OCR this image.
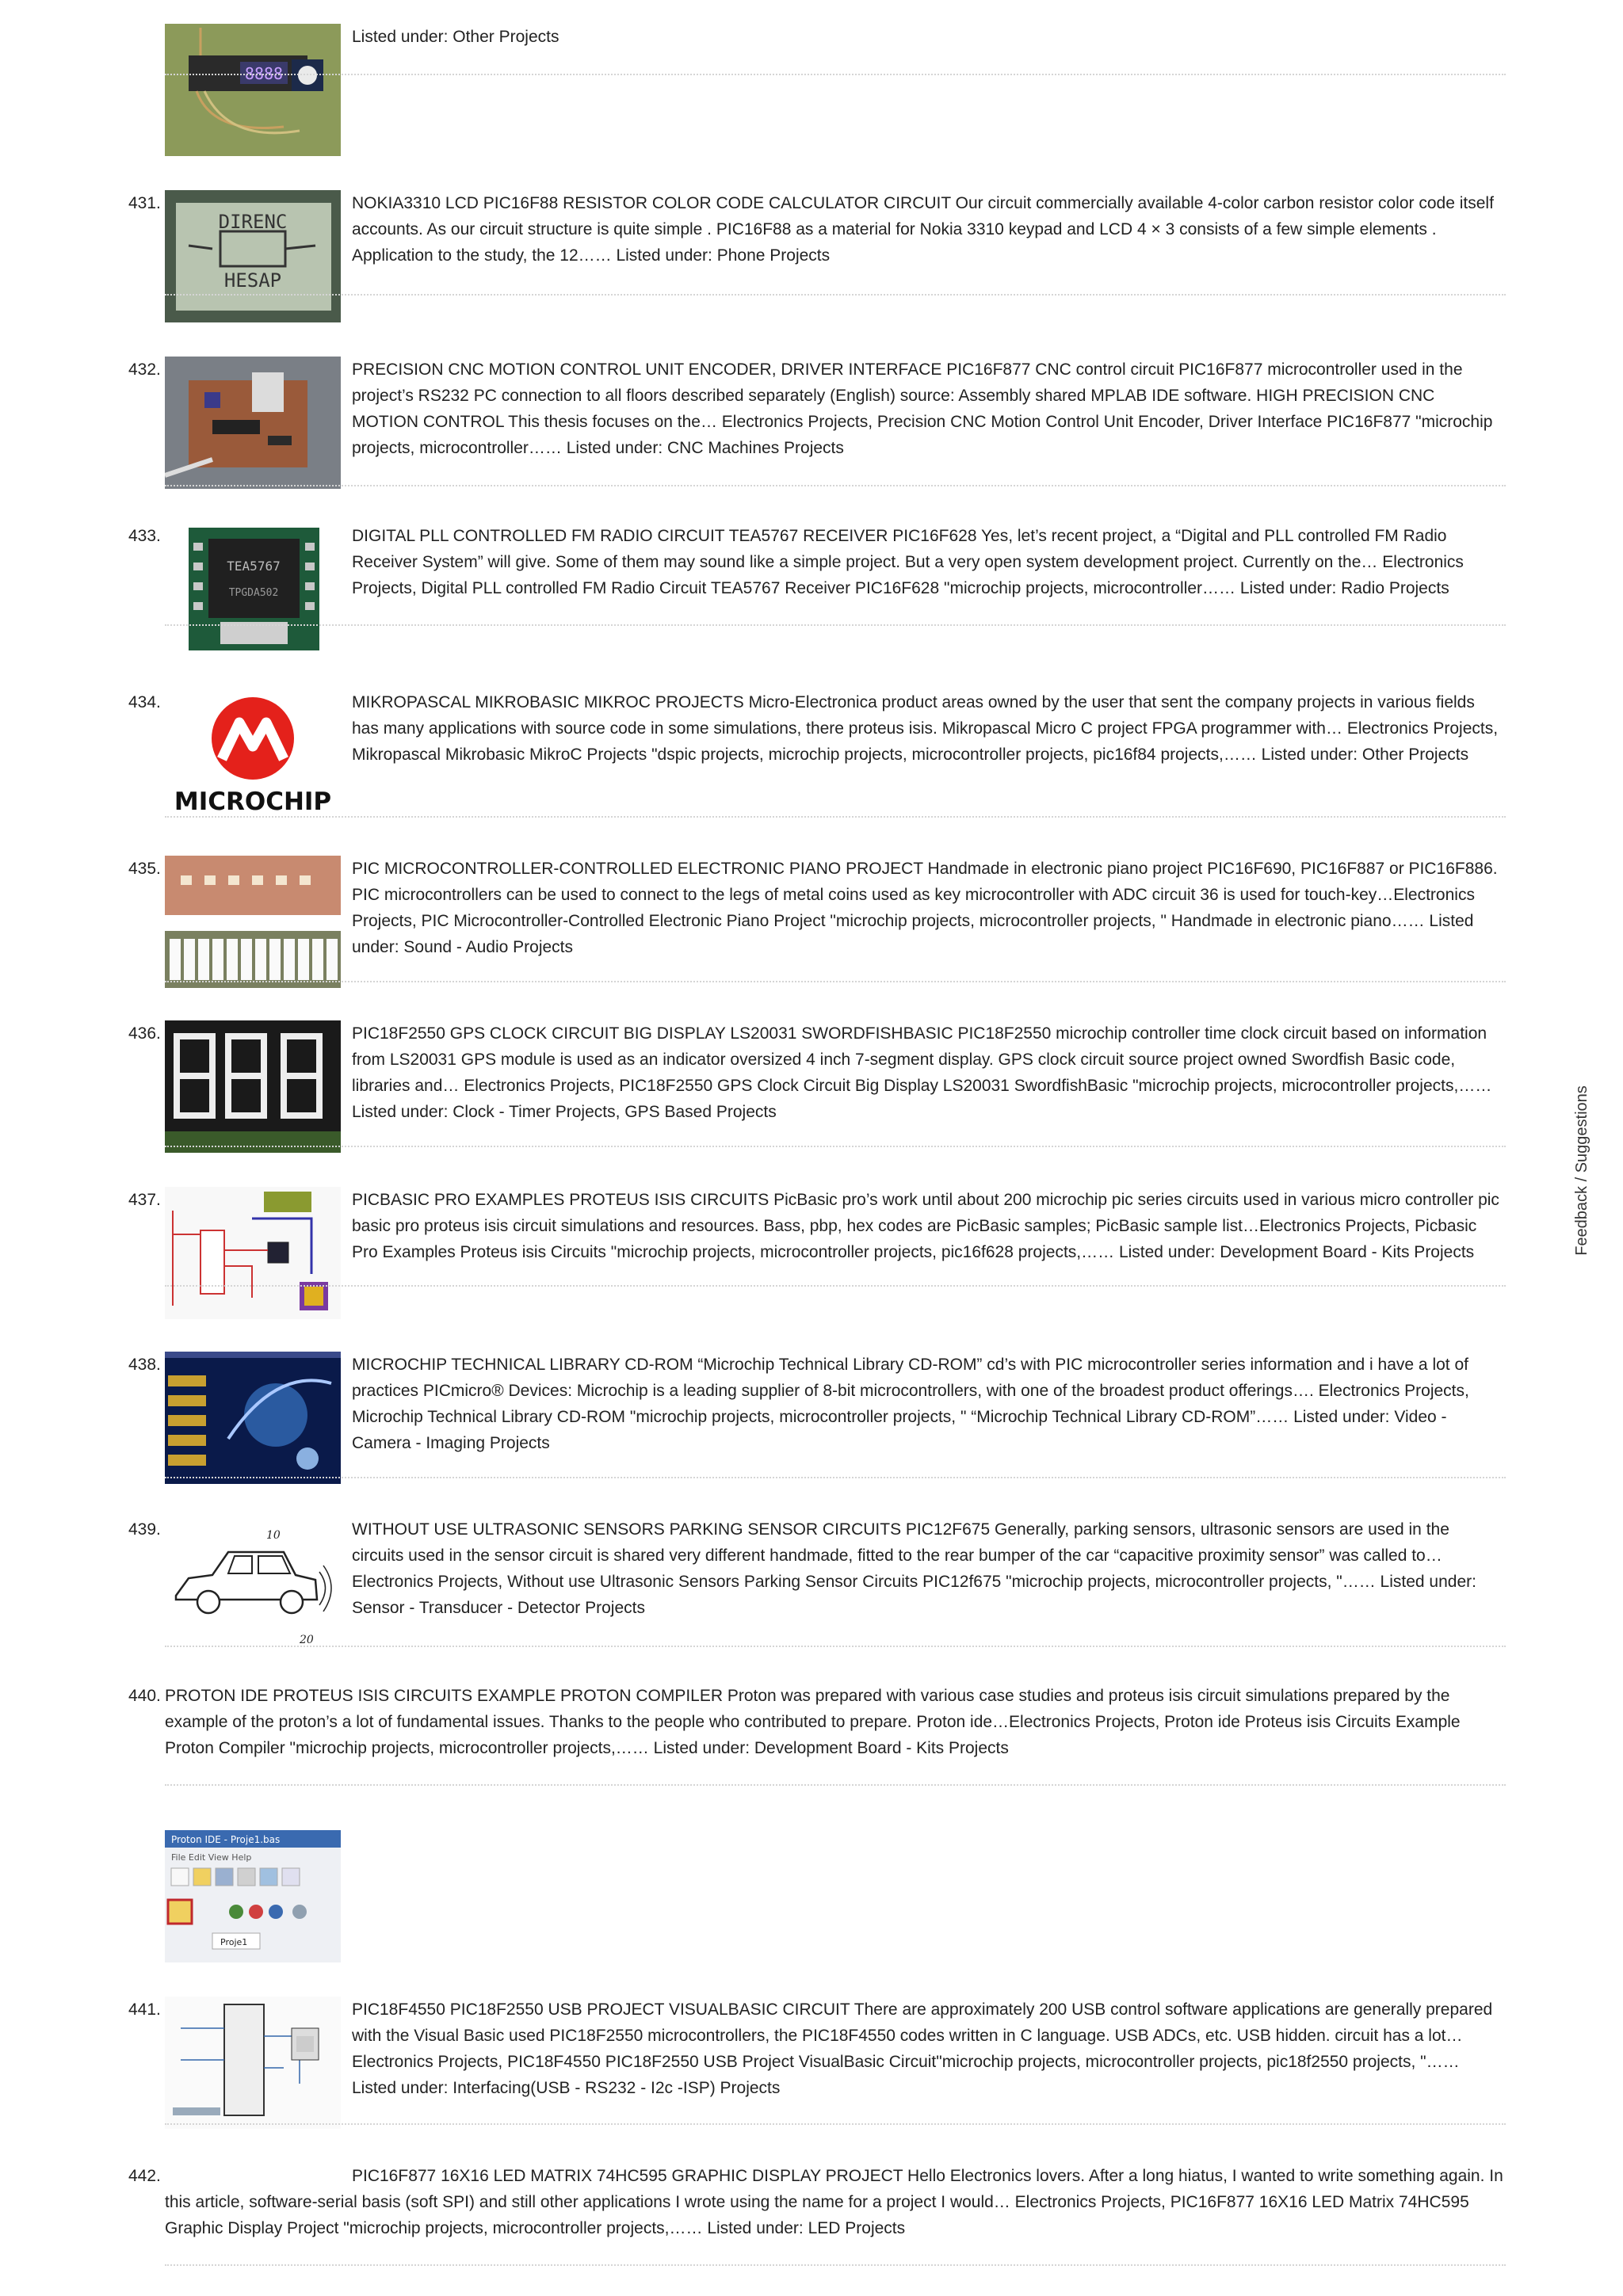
8888
Listed under: Other Projects
431.
DIRENC
HESAP
NOKIA3310 LCD PIC16F88 RESISTOR COLOR CODE CALCULATOR CIRCUIT Our circuit commercially available 4-color carbon resistor color code itself accounts. As our circuit structure is quite simple . PIC16F88 as a material for Nokia 3310 keypad and LCD 4 × 3 consists of a few simple elements . Application to the study, the 12…… Listed under: Phone Projects
432.	PRECISION CNC MOTION CONTROL UNIT ENCODER, DRIVER INTERFACE PIC16F877 CNC control circuit PIC16F877 microcontroller used in the project’s RS232 PC connection to all floors described separately (English) source: Assembly shared MPLAB IDE software. HIGH PRECISION CNC MOTION CONTROL This thesis focuses on the… Electronics Projects, Precision CNC Motion Control Unit Encoder, Driver Interface PIC16F877 "microchip projects, microcontroller…… Listed under: CNC Machines Projects
433.
TEA5767
TPGDA502
DIGITAL PLL CONTROLLED FM RADIO CIRCUIT TEA5767 RECEIVER PIC16F628 Yes, let’s recent project, a “Digital and PLL controlled FM Radio Receiver System” will give. Some of them may sound like a simple project. But a very open system development project. Currently on the… Electronics Projects, Digital PLL controlled FM Radio Circuit TEA5767 Receiver PIC16F628 "microchip projects, microcontroller…… Listed under: Radio Projects
434.
MICROCHIP
MIKROPASCAL MIKROBASIC MIKROC PROJECTS Micro-Electronica product areas owned by the user that sent the company projects in various fields has many applications with source code in some simulations, there proteus isis. Mikropascal Micro C project FPGA programmer with… Electronics Projects, Mikropascal Mikrobasic MikroC Projects "dspic projects, microchip projects, microcontroller projects, pic16f84 projects,…… Listed under: Other Projects
435.	PIC MICROCONTROLLER-CONTROLLED ELECTRONIC PIANO PROJECT Handmade in electronic piano project PIC16F690, PIC16F887 or PIC16F886. PIC microcontrollers can be used to connect to the legs of metal coins used as key microcontroller with ADC circuit 36 is used for touch-key…Electronics Projects, PIC Microcontroller-Controlled Electronic Piano Project "microchip projects, microcontroller projects, " Handmade in electronic piano…… Listed under: Sound - Audio Projects
436.	PIC18F2550 GPS CLOCK CIRCUIT BIG DISPLAY LS20031 SWORDFISHBASIC PIC18F2550 microchip controller time clock circuit based on information from LS20031 GPS module is used as an indicator oversized 4 inch 7-segment display. GPS clock circuit source project owned Swordfish Basic code, libraries and… Electronics Projects, PIC18F2550 GPS Clock Circuit Big Display LS20031 SwordfishBasic "microchip projects, microcontroller projects,…… Listed under: Clock - Timer Projects, GPS Based Projects
437.	PICBASIC PRO EXAMPLES PROTEUS ISIS CIRCUITS PicBasic pro’s work until about 200 microchip pic series circuits used in various micro controller pic basic pro proteus isis circuit simulations and resources. Bass, pbp, hex codes are PicBasic samples; PicBasic sample list…Electronics Projects, Picbasic Pro Examples Proteus isis Circuits "microchip projects, microcontroller projects, pic16f628 projects,…… Listed under: Development Board - Kits Projects
438.	MICROCHIP TECHNICAL LIBRARY CD-ROM “Microchip Technical Library CD-ROM” cd’s with PIC microcontroller series information and i have a lot of practices PICmicro® Devices: Microchip is a leading supplier of 8-bit microcontrollers, with one of the broadest product offerings…. Electronics Projects, Microchip Technical Library CD-ROM "microchip projects, microcontroller projects, " “Microchip Technical Library CD-ROM”…… Listed under: Video - Camera - Imaging Projects
439.	10
20
WITHOUT USE ULTRASONIC SENSORS PARKING SENSOR CIRCUITS PIC12F675 Generally, parking sensors, ultrasonic sensors are used in the circuits used in the sensor circuit is shared very different handmade, fitted to the rear bumper of the car “capacitive proximity sensor” was called to…Electronics Projects, Without use Ultrasonic Sensors Parking Sensor Circuits PIC12f675 "microchip projects, microcontroller projects, "…… Listed under: Sensor - Transducer - Detector Projects
440. PROTON IDE PROTEUS ISIS CIRCUITS EXAMPLE PROTON COMPILER Proton was prepared with various case studies and proteus isis circuit simulations prepared by the example of the proton’s a lot of fundamental issues. Thanks to the people who contributed to prepare. Proton ide…Electronics Projects, Proton ide Proteus isis Circuits Example Proton Compiler "microchip projects, microcontroller projects,…… Listed under: Development Board - Kits Projects
Proton IDE - Proje1.bas
File Edit View Help
Proje1
441.	PIC18F4550 PIC18F2550 USB PROJECT VISUALBASIC CIRCUIT There are approximately 200 USB control software applications are generally prepared with the Visual Basic used PIC18F2550 microcontrollers, the PIC18F4550 codes written in C language. USB ADCs, etc. USB hidden. circuit has a lot… Electronics Projects, PIC18F4550 PIC18F2550 USB Project VisualBasic Circuit"microchip projects, microcontroller projects, pic18f2550 projects, "…… Listed under: Interfacing(USB - RS232 - I2c -ISP) Projects
442.	PIC16F877 16X16 LED MATRIX 74HC595 GRAPHIC DISPLAY PROJECT Hello Electronics lovers. After a long hiatus, I wanted to write something again. In this article, software-serial basis (soft SPI) and still other applications I wrote using the name for a project I would… Electronics Projects, PIC16F877 16X16 LED Matrix 74HC595 Graphic Display Project "microchip projects, microcontroller projects,…… Listed under: LED Projects
Feedback / Suggestions
